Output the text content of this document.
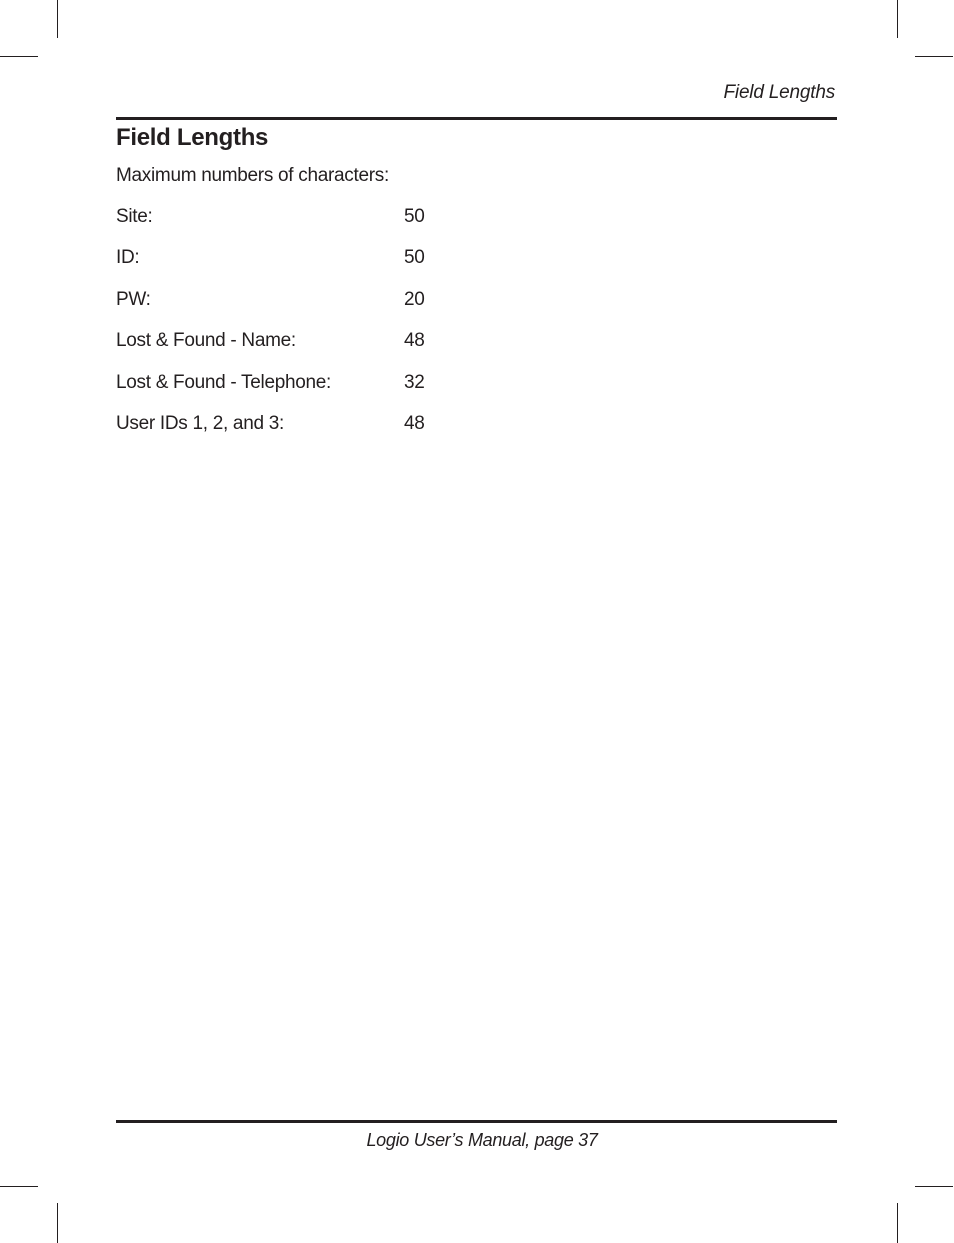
Field Lengths
Field Lengths
Maximum numbers of characters:
Site:	50
ID:	50
PW:	20
Lost & Found - Name:	48
Lost & Found - Telephone:	32
User IDs 1, 2, and 3:	48
Logio User’s Manual, page 37
